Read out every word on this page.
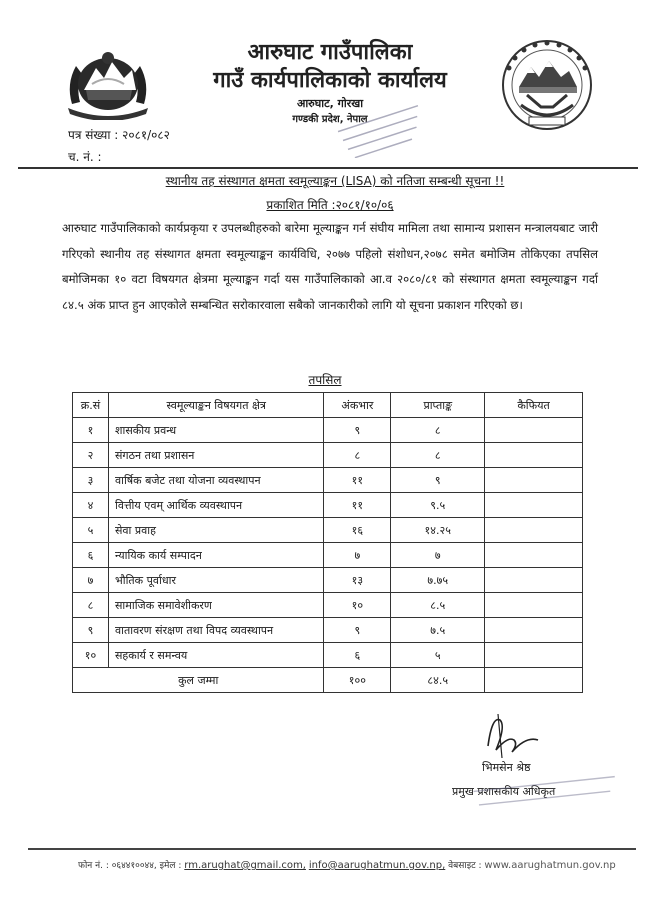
आरुघाट गाउँपालिका
गाउँ कार्यपालिकाको कार्यालय
आरुघाट, गोरखा
गण्डकी प्रदेश, नेपाल
पत्र संख्या : २०८१/०८२
च. नं. :
स्थानीय तह संस्थागत क्षमता स्वमूल्याङ्कन (LISA) को नतिजा सम्बन्धी सूचना !!
प्रकाशित मिति :२०८१/१०/०६
आरुघाट गाउँपालिकाको कार्यप्रकृया र उपलब्धीहरुको बारेमा मूल्याङ्कन गर्न संघीय मामिला तथा सामान्य प्रशासन मन्त्रालयबाट जारी गरिएको स्थानीय तह संस्थागत क्षमता स्वमूल्याङ्कन कार्यविधि, २०७७ पहिलो संशोधन,२०७८ समेत बमोजिम तोकिएका तपसिल बमोजिमका १० वटा विषयगत क्षेत्रमा मूल्याङ्कन गर्दा यस गाउँपालिकाको आ.व २०८०/८१ को संस्थागत क्षमता स्वमूल्याङ्कन गर्दा ८४.५ अंक प्राप्त हुन आएकोले सम्बन्धित सरोकारवाला सबैको जानकारीको लागि यो सूचना प्रकाशन गरिएको छ।
तपसिल
क्र.सं	स्वमूल्याङ्कन विषयगत क्षेत्र	अंकभार	प्राप्ताङ्क	कैफियत
१	शासकीय प्रवन्ध	९	८	
२	संगठन तथा प्रशासन	८	८	
३	वार्षिक बजेट तथा योजना व्यवस्थापन	११	९	
४	वित्तीय एवम् आर्थिक व्यवस्थापन	११	९.५	
५	सेवा प्रवाह	१६	१४.२५	
६	न्यायिक कार्य सम्पादन	७	७	
७	भौतिक पूर्वाधार	१३	७.७५	
८	सामाजिक समावेशीकरण	१०	८.५	
९	वातावरण संरक्षण तथा विपद व्यवस्थापन	९	७.५	
१०	सहकार्य र समन्वय	६	५	
कुल जम्मा		१००	८४.५	
भिमसेन श्रेष्ठ
प्रमुख प्रशासकीय अधिकृत
फोन नं. : ०६४४१००४४, इमेल : rm.arughat@gmail.com, info@aarughatmun.gov.np, वेबसाइट : www.aarughatmun.gov.np
